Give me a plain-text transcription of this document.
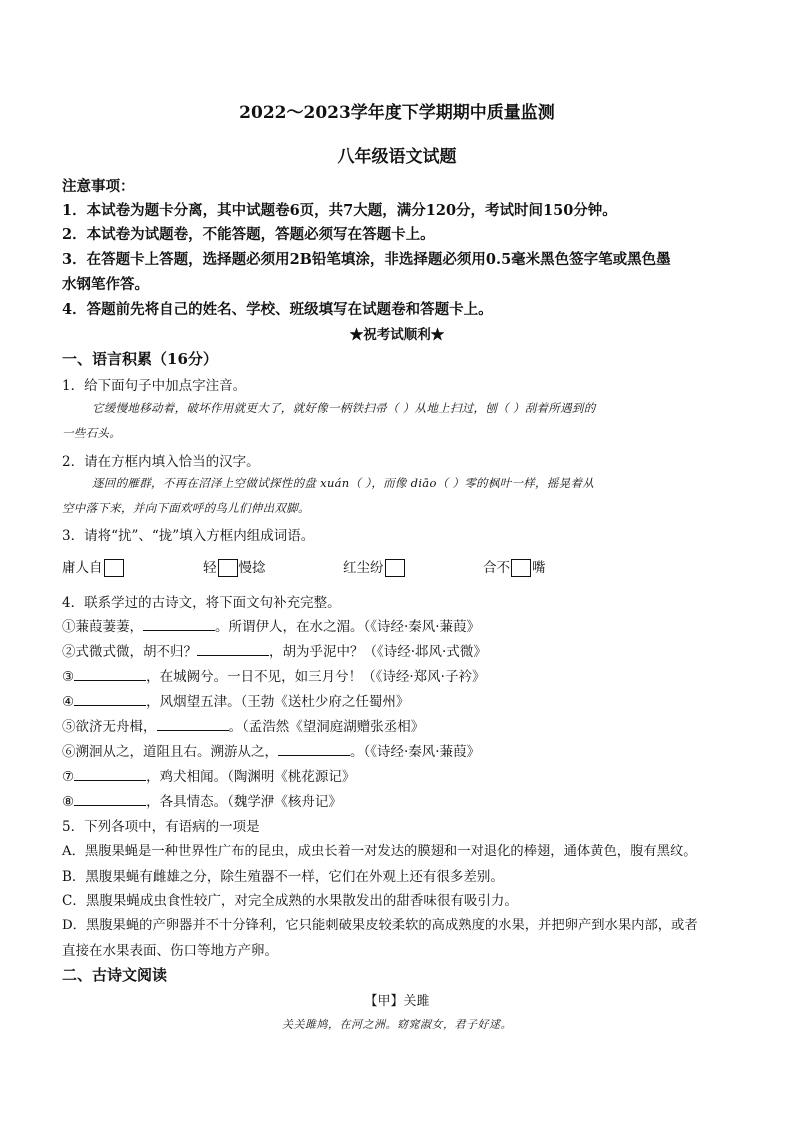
2022～2023学年度下学期期中质量监测
八年级语文试题
注意事项：
1．本试卷为题卡分离，其中试题卷6页，共7大题，满分120分，考试时间150分钟。
2．本试卷为试题卷，不能答题，答题必须写在答题卡上。
3．在答题卡上答题，选择题必须用2B铅笔填涂，非选择题必须用0.5毫米黑色签字笔或黑色墨
水钢笔作答。
4．答题前先将自己的姓名、学校、班级填写在试题卷和答题卡上。
★祝考试顺利★
一、语言积累（16分）
1．给下面句子中加点字注音。
它缓慢地移动着，破坏作用就更大了，就好像一柄铁扫帚（ ）从地上扫过，刨（ ）刮着所遇到的
一些石头。
2．请在方框内填入恰当的汉字。
逐回的雁群，不再在沼泽上空做试探性的盘 xuán（ ），而像 diāo（ ）零的枫叶一样，摇晃着从
空中落下来，并向下面欢呼的鸟儿们伸出双脚。
3．请将“扰”、“拢”填入方框内组成词语。
庸人自	轻 慢捻	红尘纷	合不 嘴
4．联系学过的古诗文，将下面文句补充完整。
①蒹葭萋萋，	。所谓伊人，在水之湄。（《诗经·秦风·蒹葭》
②式微式微，胡不归？	，胡为乎泥中？（《诗经·邶风·式微》
③	，在城阙兮。一日不见，如三月兮！（《诗经·郑风·子衿》
④	，风烟望五津。（王勃《送杜少府之任蜀州》
⑤欲济无舟楫，	。（孟浩然《望洞庭湖赠张丞相》
⑥溯洄从之，道阻且右。溯游从之，	。（《诗经·秦风·蒹葭》
⑦	，鸡犬相闻。（陶渊明《桃花源记》
⑧	，各具情态。（魏学洢《核舟记》
5．下列各项中，有语病的一项是
A．黑腹果蝇是一种世界性广布的昆虫，成虫长着一对发达的膜翅和一对退化的棒翅，通体黄色，腹有黑纹。
B．黑腹果蝇有雌雄之分，除生殖器不一样，它们在外观上还有很多差别。
C．黑腹果蝇成虫食性较广，对完全成熟的水果散发出的甜香味很有吸引力。
D．黑腹果蝇的产卵器并不十分锋利，它只能刺破果皮较柔软的高成熟度的水果，并把卵产到水果内部，或者
直接在水果表面、伤口等地方产卵。
二、古诗文阅读
【甲】关雎
关关雎鸠，在河之洲。窈窕淑女，君子好逑。
